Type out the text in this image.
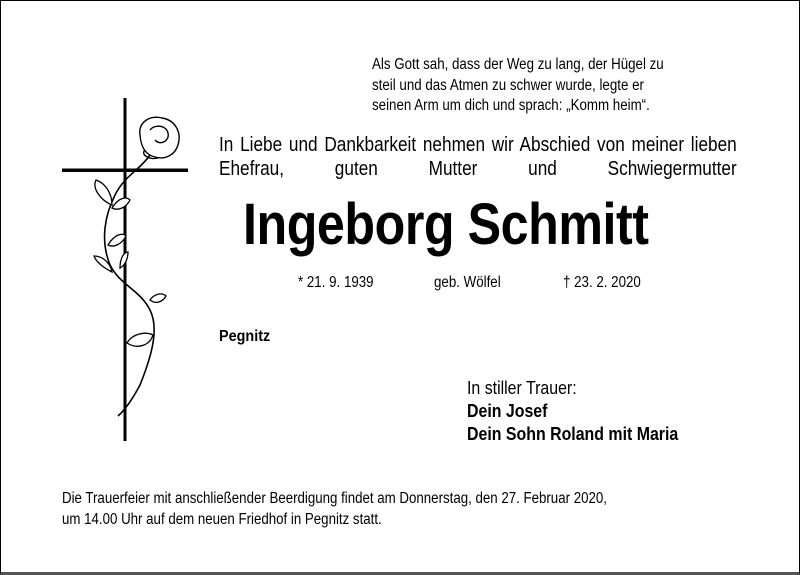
Als Gott sah, dass der Weg zu lang, der Hügel zu
steil und das Atmen zu schwer wurde, legte er
seinen Arm um dich und sprach: „Komm heim“.
In Liebe und Dankbarkeit nehmen wir Abschied von meiner lieben Ehefrau, guten Mutter und Schwiegermutter
Ingeborg Schmitt
* 21. 9. 1939	geb. Wölfel	† 23. 2. 2020
Pegnitz
In stiller Trauer:
Dein Josef
Dein Sohn Roland mit Maria
Die Trauerfeier mit anschließender Beerdigung findet am Donnerstag, den 27. Februar 2020,
um 14.00 Uhr auf dem neuen Friedhof in Pegnitz statt.
